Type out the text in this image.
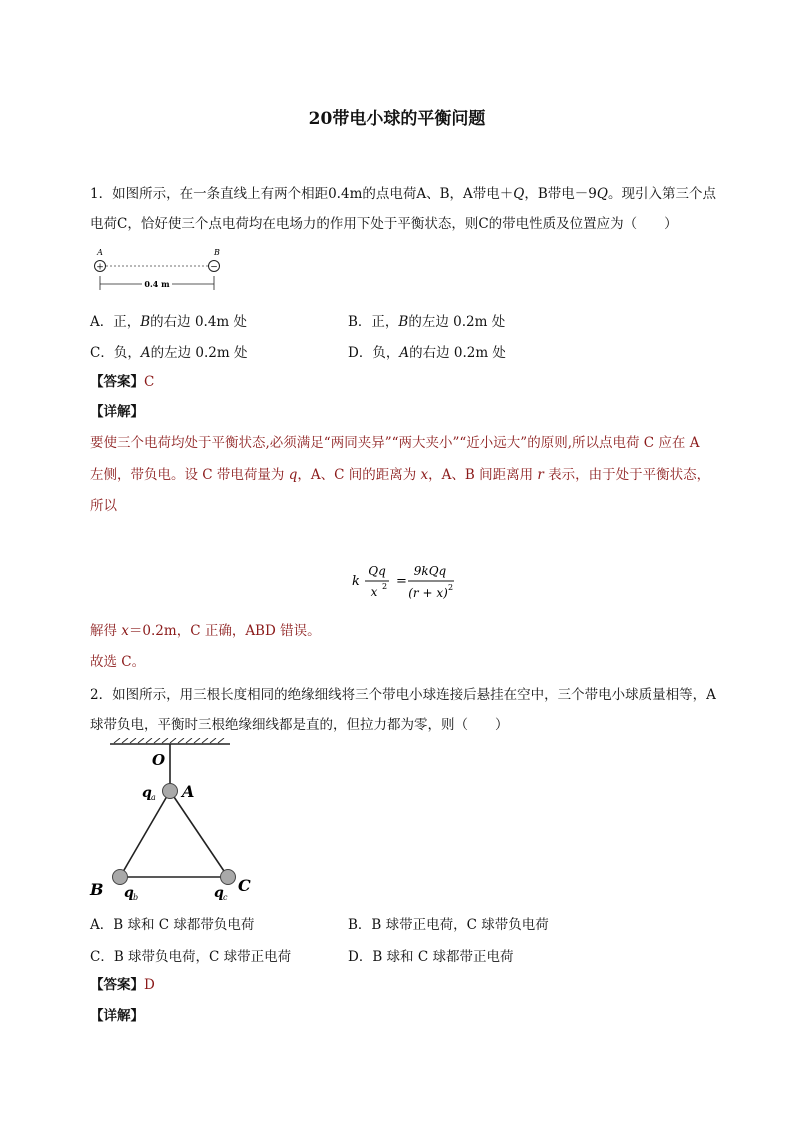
20带电小球的平衡问题
1．如图所示，在一条直线上有两个相距0.4m的点电荷A、B，A带电＋Q，B带电－9Q。现引入第三个点
电荷C，恰好使三个点电荷均在电场力的作用下处于平衡状态，则C的带电性质及位置应为（　　）
A	B
+	−
0.4 m
A．正，B的右边 0.4m 处	B．正，B的左边 0.2m 处
C．负，A的左边 0.2m 处	D．负，A的右边 0.2m 处
【答案】C
【详解】
要使三个电荷均处于平衡状态,必须满足“两同夹异”“两大夹小”“近小远大”的原则,所以点电荷 C 应在 A
左侧，带负电。设 C 带电荷量为 q，A、C 间的距离为 x，A、B 间距离用 r 表示，由于处于平衡状态，
所以
k
Qq
x 2 =
9kQq
(r + x) 2
解得 x＝0.2m，C 正确，ABD 错误。
故选 C。
2．如图所示，用三根长度相同的绝缘细线将三个带电小球连接后悬挂在空中，三个带电小球质量相等，A
球带负电，平衡时三根绝缘细线都是直的，但拉力都为零，则（　　）
O
A
B	C
q a
q b	q c
A．B 球和 C 球都带负电荷	B．B 球带正电荷，C 球带负电荷
C．B 球带负电荷，C 球带正电荷	D．B 球和 C 球都带正电荷
【答案】D
【详解】
